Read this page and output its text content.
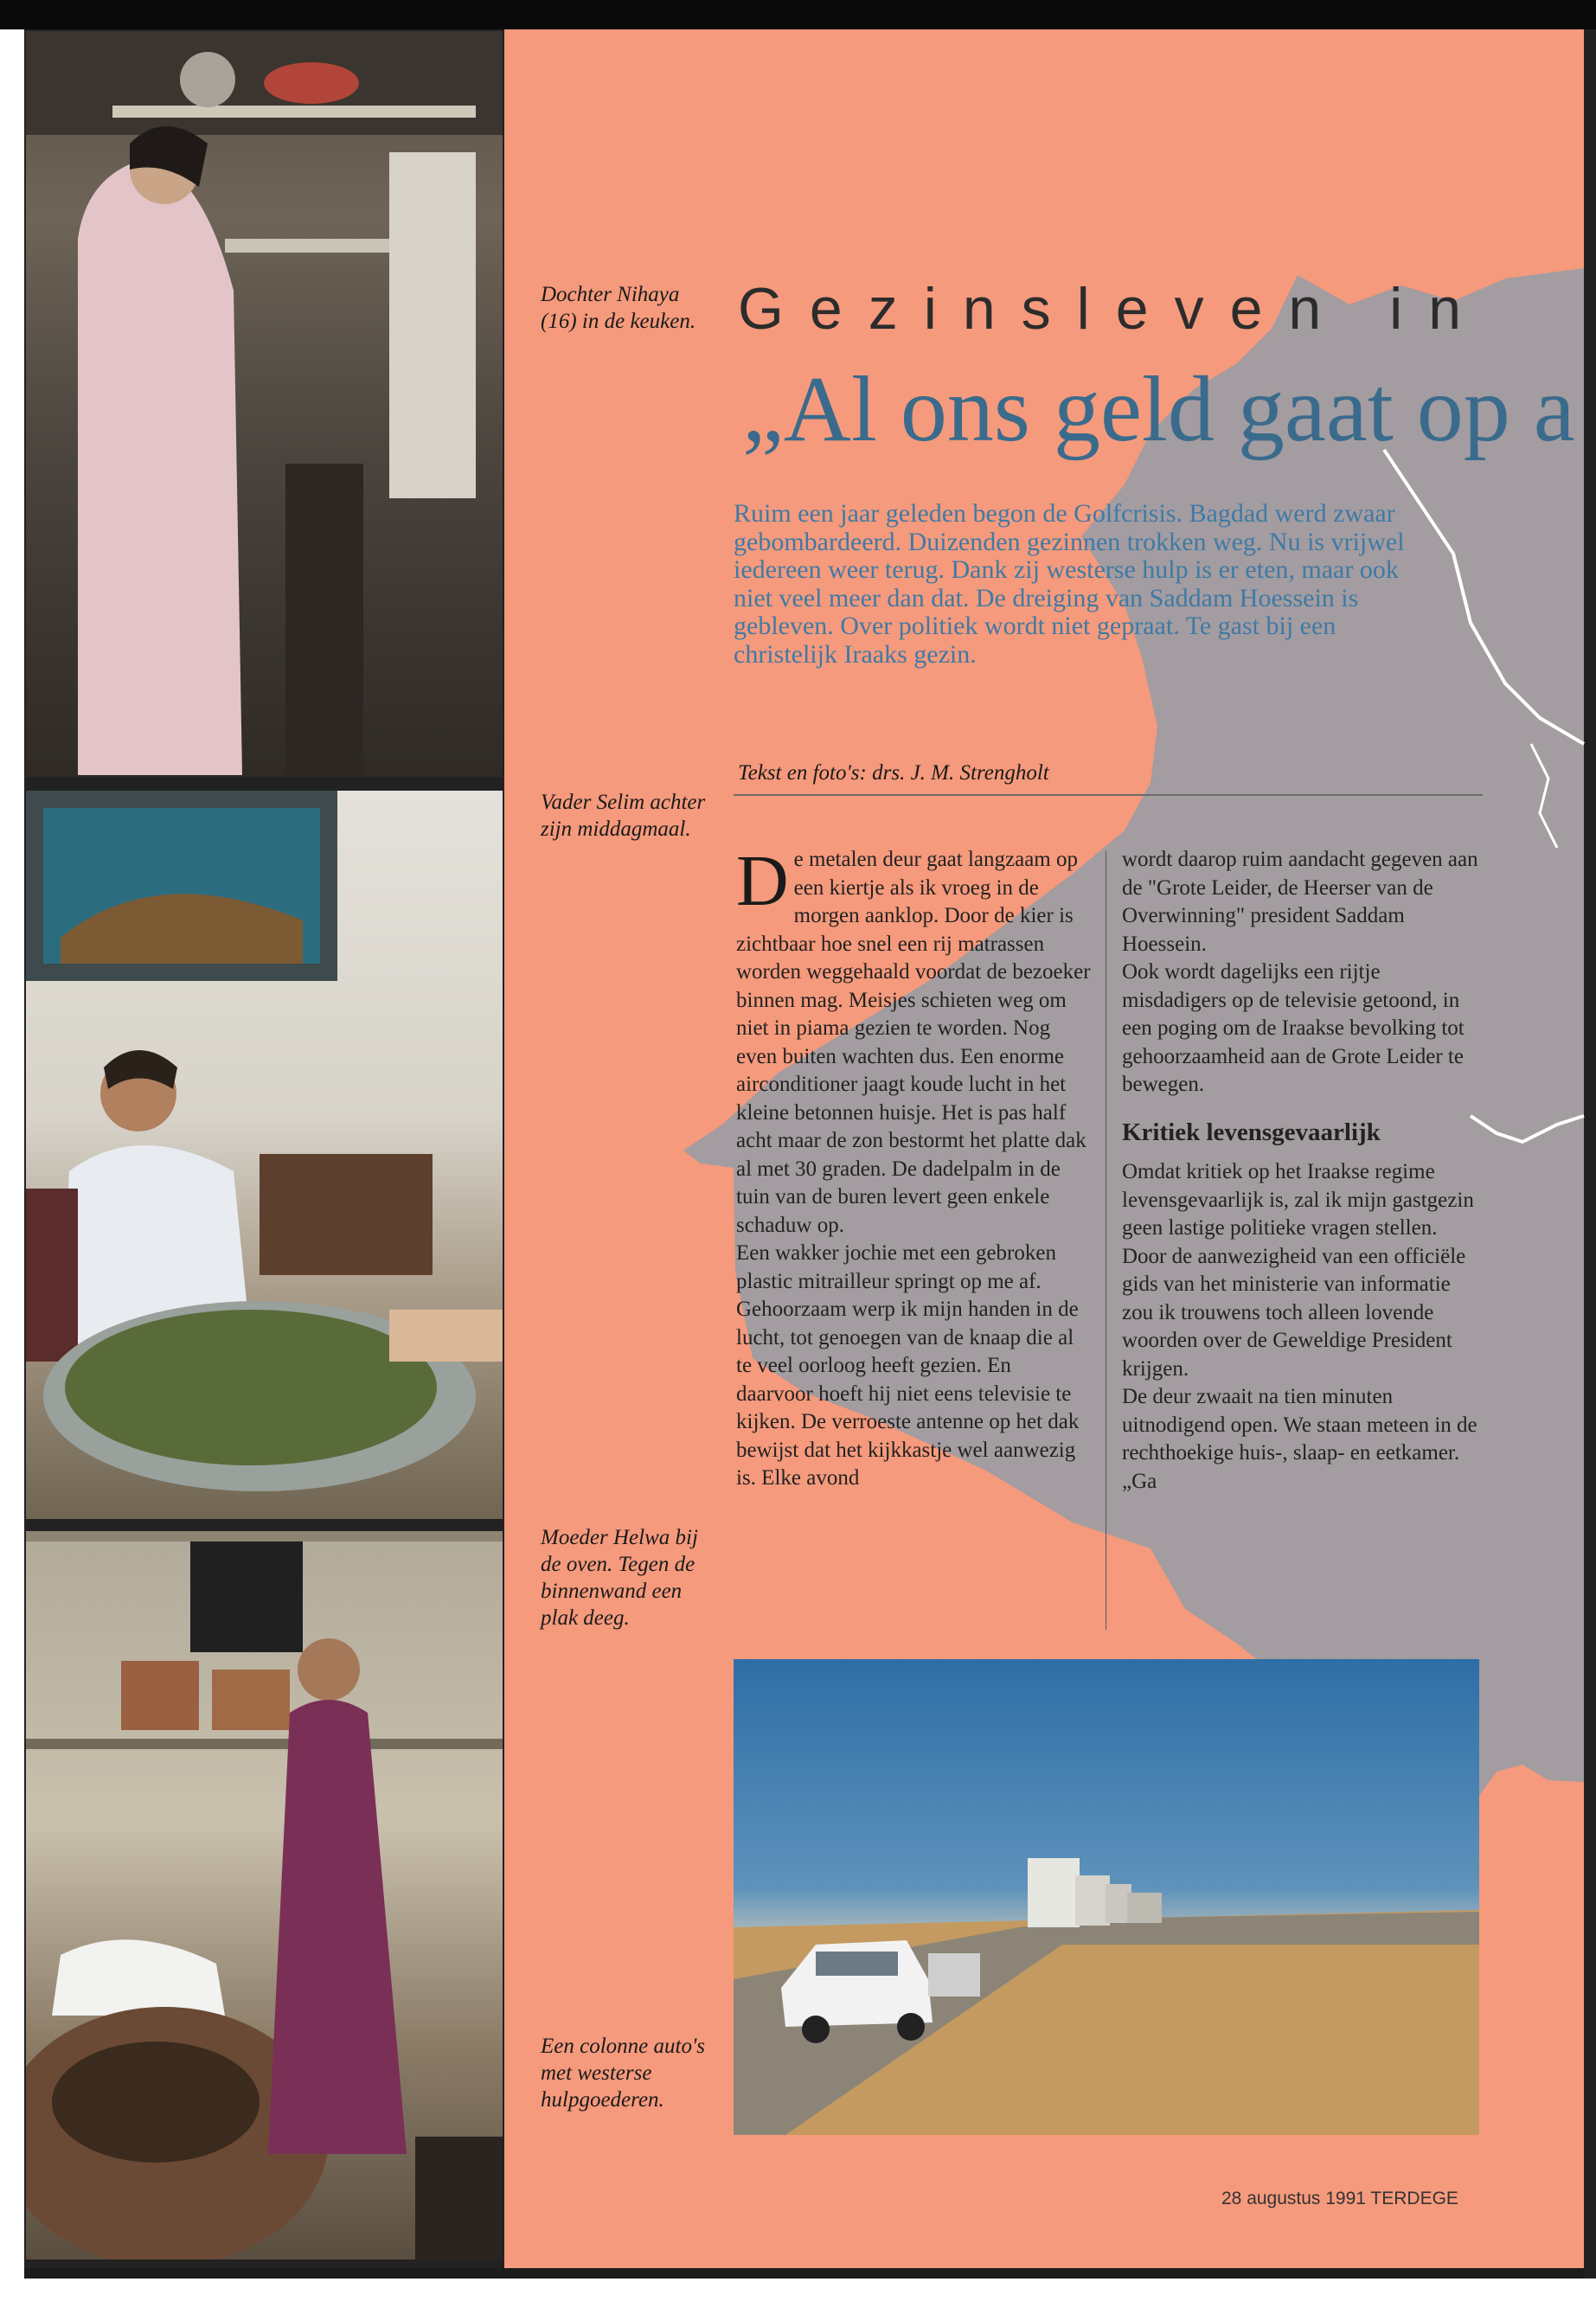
Dochter Nihaya (16) in de keuken.
Vader Selim achter zijn middagmaal.
Moeder Helwa bij de oven. Tegen de binnenwand een plak deeg.
Een colonne auto's met westerse hulpgoederen.
Gezinsleven in
„Al ons geld gaat op a
Ruim een jaar geleden begon de Golfcrisis. Bagdad werd zwaar gebombardeerd. Duizenden gezinnen trokken weg. Nu is vrijwel iedereen weer terug. Dank zij westerse hulp is er eten, maar ook niet veel meer dan dat. De dreiging van Saddam Hoessein is gebleven. Over politiek wordt niet gepraat. Te gast bij een christelijk Iraaks gezin.
Tekst en foto's: drs. J. M. Strengholt

De metalen deur gaat langzaam op een kiertje als ik vroeg in de morgen aanklop. Door de kier is zichtbaar hoe snel een rij matrassen worden weggehaald voordat de bezoeker binnen mag. Meisjes schieten weg om niet in piama gezien te worden. Nog even buiten wachten dus. Een enorme airconditioner jaagt koude lucht in het kleine betonnen huisje. Het is pas half acht maar de zon bestormt het platte dak al met 30 graden. De dadelpalm in de tuin van de buren levert geen enkele schaduw op.

Een wakker jochie met een gebroken plastic mitrailleur springt op me af. Gehoorzaam werp ik mijn handen in de lucht, tot genoegen van de knaap die al te veel oorloog heeft gezien. En daarvoor hoeft hij niet eens televisie te kijken. De verroeste antenne op het dak bewijst dat het kijkkastje wel aanwezig is. Elke avond

wordt daarop ruim aandacht gegeven aan de "Grote Leider, de Heerser van de Overwinning" president Saddam Hoessein.

Ook wordt dagelijks een rijtje misdadigers op de televisie getoond, in een poging om de Iraakse bevolking tot gehoorzaamheid aan de Grote Leider te bewegen.

Kritiek levensgevaarlijk

Omdat kritiek op het Iraakse regime levensgevaarlijk is, zal ik mijn gastgezin geen lastige politieke vragen stellen. Door de aanwezigheid van een officiële gids van het ministerie van informatie zou ik trouwens toch alleen lovende woorden over de Geweldige President krijgen.

De deur zwaait na tien minuten uitnodigend open. We staan meteen in de rechthoekige huis-, slaap- en eetkamer. „Ga

28 augustus 1991 TERDEGE
